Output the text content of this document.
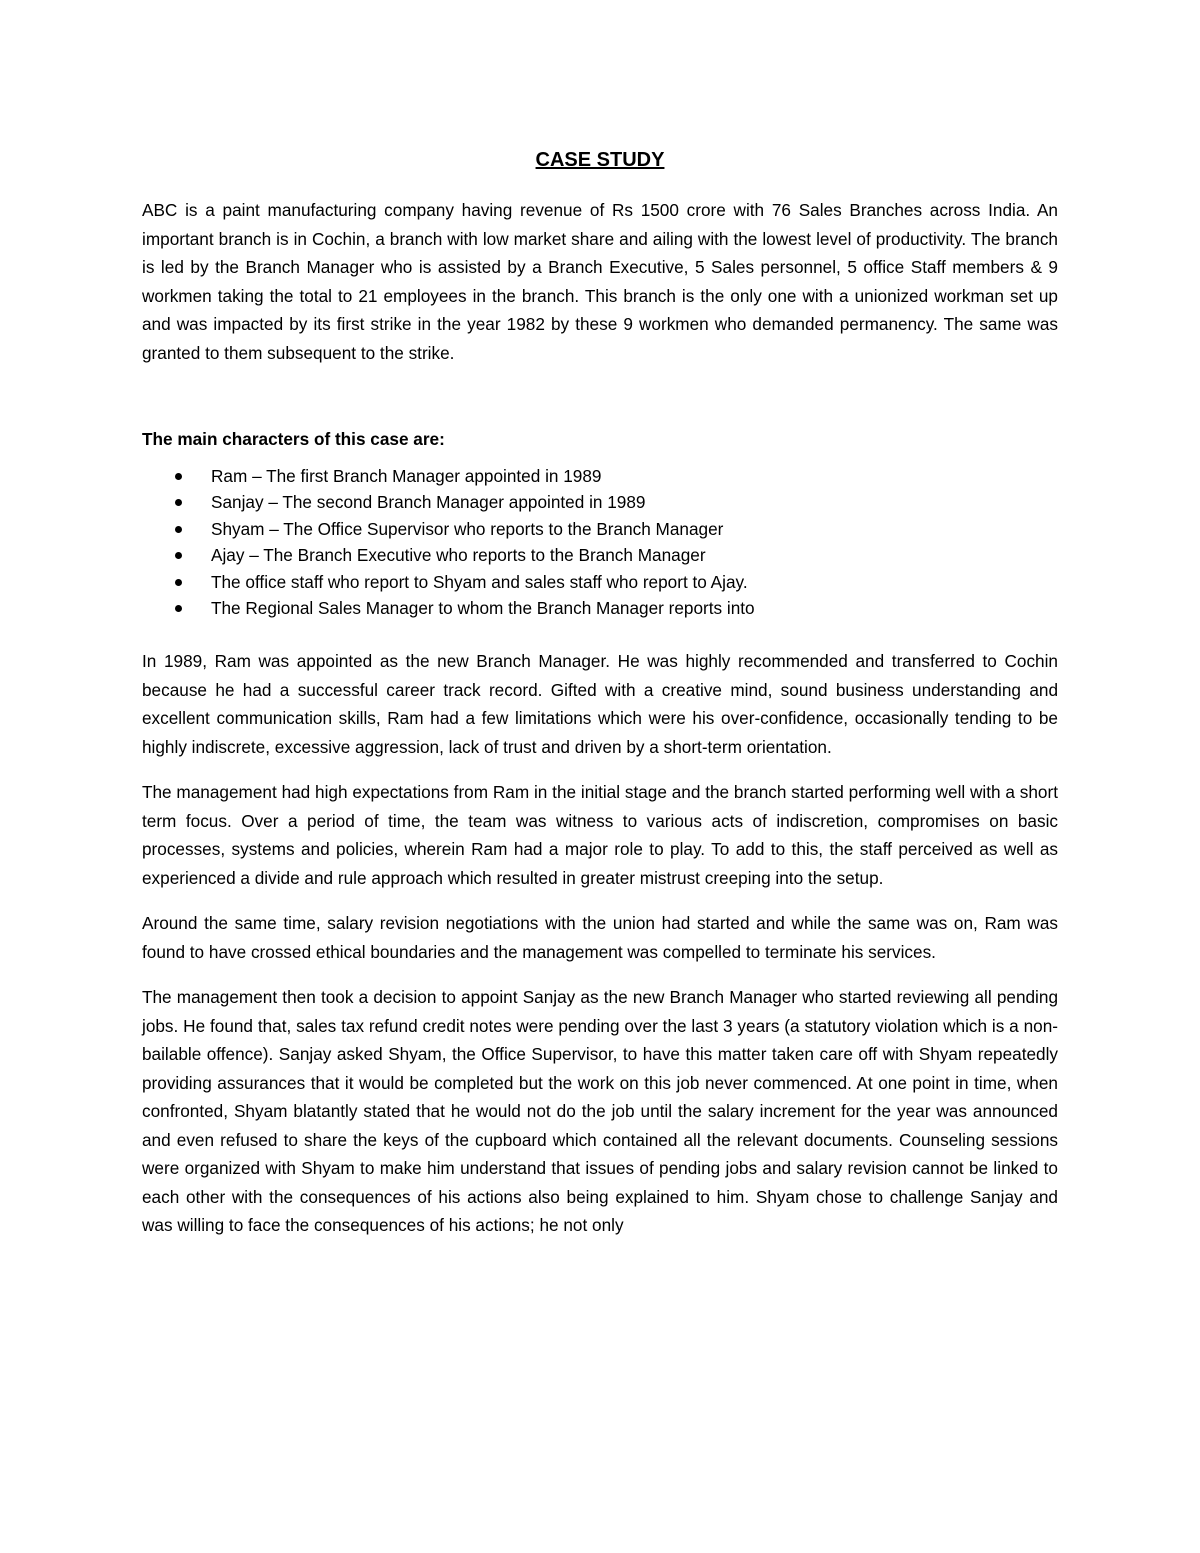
CASE STUDY

ABC is a paint manufacturing company having revenue of Rs 1500 crore with 76 Sales Branches across India. An important branch is in Cochin, a branch with low market share and ailing with the lowest level of productivity. The branch is led by the Branch Manager who is assisted by a Branch Executive, 5 Sales personnel, 5 office Staff members & 9 workmen taking the total to 21 employees in the branch. This branch is the only one with a unionized workman set up and was impacted by its first strike in the year 1982 by these 9 workmen who demanded permanency. The same was granted to them subsequent to the strike.

The main characters of this case are:

Ram – The first Branch Manager appointed in 1989
Sanjay – The second Branch Manager appointed in 1989
Shyam – The Office Supervisor who reports to the Branch Manager
Ajay – The Branch Executive who reports to the Branch Manager
The office staff who report to Shyam and sales staff who report to Ajay.
The Regional Sales Manager to whom the Branch Manager reports into

In 1989, Ram was appointed as the new Branch Manager. He was highly recommended and transferred to Cochin because he had a successful career track record. Gifted with a creative mind, sound business understanding and excellent communication skills, Ram had a few limitations which were his over-confidence, occasionally tending to be highly indiscrete, excessive aggression, lack of trust and driven by a short-term orientation.

The management had high expectations from Ram in the initial stage and the branch started performing well with a short term focus. Over a period of time, the team was witness to various acts of indiscretion, compromises on basic processes, systems and policies, wherein Ram had a major role to play. To add to this, the staff perceived as well as experienced a divide and rule approach which resulted in greater mistrust creeping into the setup.

Around the same time, salary revision negotiations with the union had started and while the same was on, Ram was found to have crossed ethical boundaries and the management was compelled to terminate his services.

The management then took a decision to appoint Sanjay as the new Branch Manager who started reviewing all pending jobs. He found that, sales tax refund credit notes were pending over the last 3 years (a statutory violation which is a non-bailable offence). Sanjay asked Shyam, the Office Supervisor, to have this matter taken care off with Shyam repeatedly providing assurances that it would be completed but the work on this job never commenced. At one point in time, when confronted, Shyam blatantly stated that he would not do the job until the salary increment for the year was announced and even refused to share the keys of the cupboard which contained all the relevant documents. Counseling sessions were organized with Shyam to make him understand that issues of pending jobs and salary revision cannot be linked to each other with the consequences of his actions also being explained to him. Shyam chose to challenge Sanjay and was willing to face the consequences of his actions; he not only
